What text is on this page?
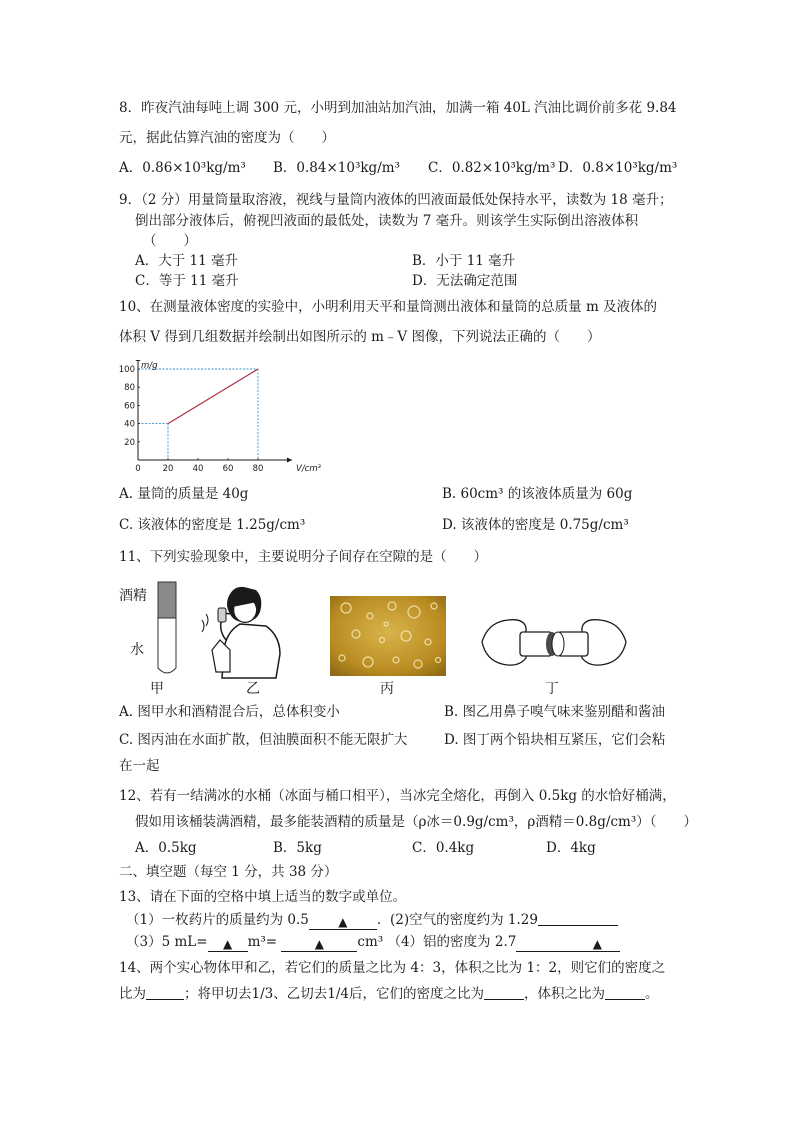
8．昨夜汽油每吨上调 300 元，小明到加油站加汽油，加满一箱 40L 汽油比调价前多花 9.84
元，据此估算汽油的密度为（　　）
A．0.86×10³kg/m³ B．0.84×10³kg/m³ C．0.82×10³kg/m³ D．0.8×10³kg/m³
9．（2 分）用量筒量取溶液，视线与量筒内液体的凹液面最低处保持水平，读数为 18 毫升；
倒出部分液体后，俯视凹液面的最低处，读数为 7 毫升。则该学生实际倒出溶液体积
（　　）
A．大于 11 毫升	B．小于 11 毫升
C．等于 11 毫升	D．无法确定范围
10、在测量液体密度的实验中，小明利用天平和量筒测出液体和量筒的总质量 m 及液体的
体积 V 得到几组数据并绘制出如图所示的 m﹣V 图像，下列说法正确的（　　）
0	20 40 60 80
20
40
60
80
100 m/g
V/cm³
A. 量筒的质量是 40g	B. 60cm³ 的该液体质量为 60g
C. 该液体的密度是 1.25g/cm³	D. 该液体的密度是 0.75g/cm³
11、下列实验现象中，主要说明分子间存在空隙的是（　　）
酒精
水
甲	乙	丙	丁
A. 图甲水和酒精混合后，总体积变小	B. 图乙用鼻子嗅气味来鉴别醋和酱油
C. 图丙油在水面扩散，但油膜面积不能无限扩大	D. 图丁两个铅块相互紧压，它们会粘
在一起
12、若有一结满冰的水桶（冰面与桶口相平），当冰完全熔化，再倒入 0.5kg 的水恰好桶满，
假如用该桶装满酒精，最多能装酒精的质量是（ρ冰＝0.9g/cm³，ρ酒精＝0.8g/cm³）（　　）
A．0.5kg	B．5kg	C．0.4kg	D．4kg
二、填空题（每空 1 分，共 38 分）
13、请在下面的空格中填上适当的数字或单位。
（1）一枚药片的质量约为 0.5 ▲ . (2)空气的密度约为 1.29
（3）5 mL= ▲ m³=	▲ cm³ （4）铝的密度为 2.7	▲
14、两个实心物体甲和乙，若它们的质量之比为 4：3，体积之比为 1：2，则它们的密度之
比为	；将甲切去1/3、乙切去1/4后，它们的密度之比为	，体积之比为	。
